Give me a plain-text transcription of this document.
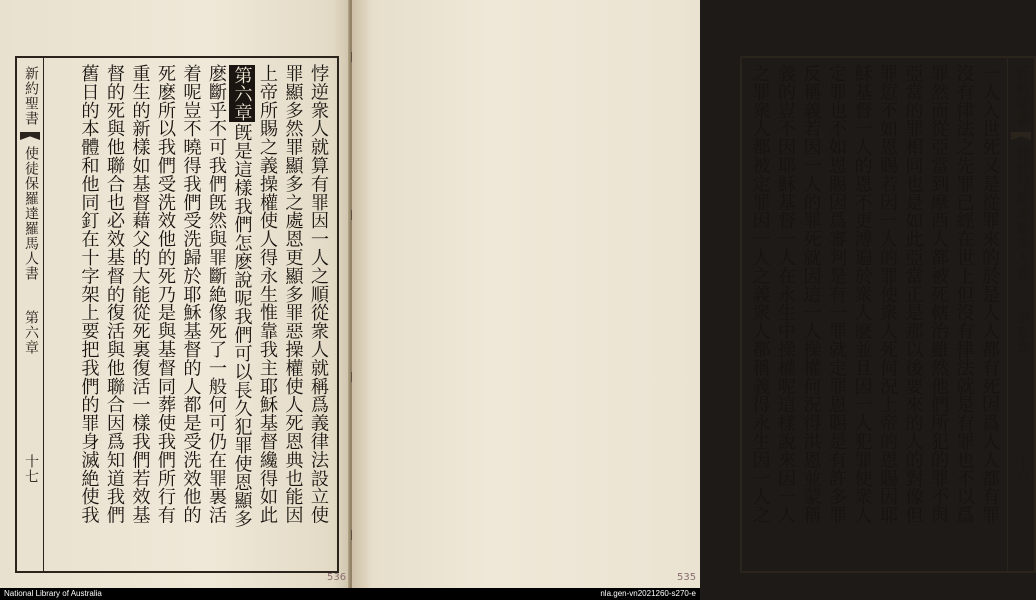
新約聖書
使徒保羅達羅馬人書
第六章
十七	悖逆衆人就算有罪因一人之順從衆人就稱爲義律法設立使
罪顯多然罪顯多之處恩更顯多罪惡操權使人死恩典也能因
上帝所賜之義操權使人得永生惟靠我主耶穌基督纔得如此
第六章旣是這樣我們怎麽說呢我們可以長久犯罪使恩顯多
麽斷乎不可我們旣然與罪斷絶像死了一般何可仍在罪裏活
着呢豈不曉得我們受洗歸於耶穌基督的人都是受洗效他的
死麽所以我們受洗效他的死乃是與基督同葬使我們所行有
重生的新樣如基督藉父的大能從死裏復活一樣我們若效基
督的死與他聯合也必效基督的復活與他聯合因爲知道我們
舊日的本體和他同釘在十字架上要把我們的罪身滅絶使我
536
一人入世死又是從罪來的於是人人都有死因爲人人都有罪
沒有律法之先罪已經在世上但沒有律法就是有罪也不以爲
罪然而從亞當到摩西人都被死轄治雖然他們所犯的罪不與
亞當的罪相同也是如此亞當正是那以後要來的人的對像但
罪愆不如恩賜若因一人的罪使衆人死何況上帝的恩賜因耶
穌基督一人的恩不更溥遍於衆人麽並且因一人犯罪使衆人
定罪也不如恩賜因爲審判是有一罪就定罪恩賜是有許多罪
反稱義若因一人的罪死就因這一人操權何況得洪恩並蒙稱
義的豈不因耶穌基督一人在永生中操權呢這樣說來因一人
之罪衆人都被定罪因一人之義衆人都稱義得永生因一人之	新約聖書
使徒保羅達羅馬人書
第五章
十六
535
National Library of Australia	nla.gen-vn2021260-s270-e
